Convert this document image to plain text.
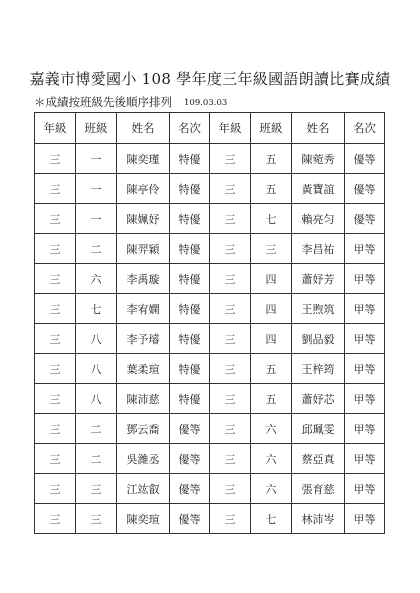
嘉義市博愛國小 108 學年度三年級國語朗讀比賽成績
＊成績按班級先後順序排列 109.03.03
年級	班級	姓名	名次	年級	班級	姓名	名次
三	一	陳奕瑾	特優	三	五	陳菀秀	優等
三	一	陳亭伶	特優	三	五	黃寶誼	優等
三	一	陳姵妤	特優	三	七	賴亮匀	優等
三	二	陳羿穎	特優	三	三	李昌祐	甲等
三	六	李禹璇	特優	三	四	蕭妤芳	甲等
三	七	李宥嫻	特優	三	四	王煦筑	甲等
三	八	李予璿	特優	三	四	劉品毅	甲等
三	八	葉柔瑄	特優	三	五	王梓筠	甲等
三	八	陳沛慈	特優	三	五	蕭妤芯	甲等
三	二	鄧云喬	優等	三	六	邱珮雯	甲等
三	二	吳濰丞	優等	三	六	蔡亞真	甲等
三	三	江竑叡	優等	三	六	張育慈	甲等
三	三	陳奕瑄	優等	三	七	林沛岑	甲等
